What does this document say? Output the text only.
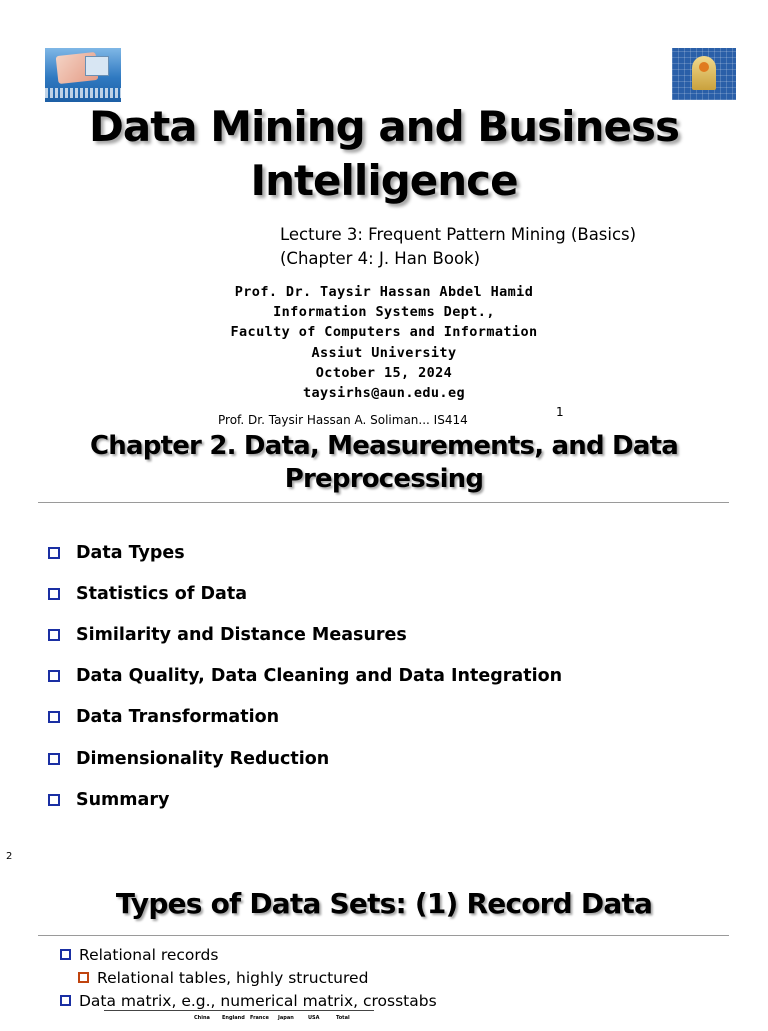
Data Mining and Business Intelligence
Lecture 3: Frequent Pattern Mining (Basics)
(Chapter 4: J. Han Book)
Prof. Dr. Taysir Hassan Abdel Hamid
Information Systems Dept.,
Faculty of Computers and Information
Assiut University
October 15, 2024
taysirhs@aun.edu.eg
Prof. Dr. Taysir Hassan A. Soliman... IS414
1
Chapter 2. Data, Measurements, and Data Preprocessing
Data Types
Statistics of Data
Similarity and Distance Measures
Data Quality, Data Cleaning and Data Integration
Data Transformation
Dimensionality Reduction
Summary
2
Types of Data Sets: (1) Record Data
Relational records
Relational tables, highly structured
Data matrix, e.g., numerical matrix, crosstabs
China England France Japan	USA	Total
